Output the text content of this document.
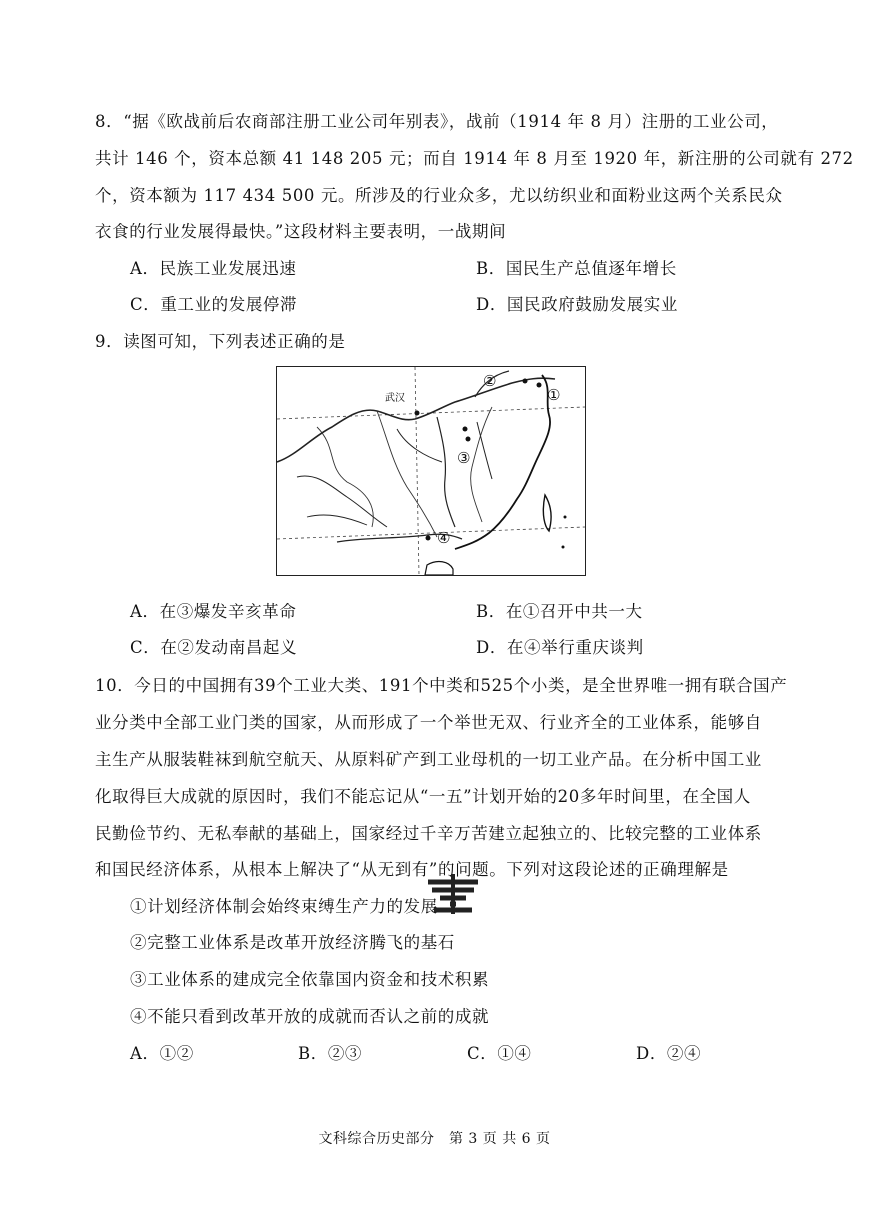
8．“据《欧战前后农商部注册工业公司年别表》，战前（1914 年 8 月）注册的工业公司，
共计 146 个，资本总额 41 148 205 元；而自 1914 年 8 月至 1920 年，新注册的公司就有 272
个，资本额为 117 434 500 元。所涉及的行业众多，尤以纺织业和面粉业这两个关系民众
衣食的行业发展得最快。”这段材料主要表明，一战期间
A．民族工业发展迅速	B．国民生产总值逐年增长
C．重工业的发展停滞	D．国民政府鼓励发展实业
9．读图可知，下列表述正确的是
武汉	①
②
③
④
A．在③爆发辛亥革命	B．在①召开中共一大
C．在②发动南昌起义	D．在④举行重庆谈判
10．今日的中国拥有39个工业大类、191个中类和525个小类，是全世界唯一拥有联合国产
业分类中全部工业门类的国家，从而形成了一个举世无双、行业齐全的工业体系，能够自
主生产从服装鞋袜到航空航天、从原料矿产到工业母机的一切工业产品。在分析中国工业
化取得巨大成就的原因时，我们不能忘记从“一五”计划开始的20多年时间里，在全国人
民勤俭节约、无私奉献的基础上，国家经过千辛万苦建立起独立的、比较完整的工业体系
和国民经济体系，从根本上解决了“从无到有”的问题。下列对这段论述的正确理解是
①计划经济体制会始终束缚生产力的发展
②完整工业体系是改革开放经济腾飞的基石
③工业体系的建成完全依靠国内资金和技术积累
④不能只看到改革开放的成就而否认之前的成就
A．①②	B．②③	C．①④	D．②④
文科综合历史部分　第 3 页 共 6 页
